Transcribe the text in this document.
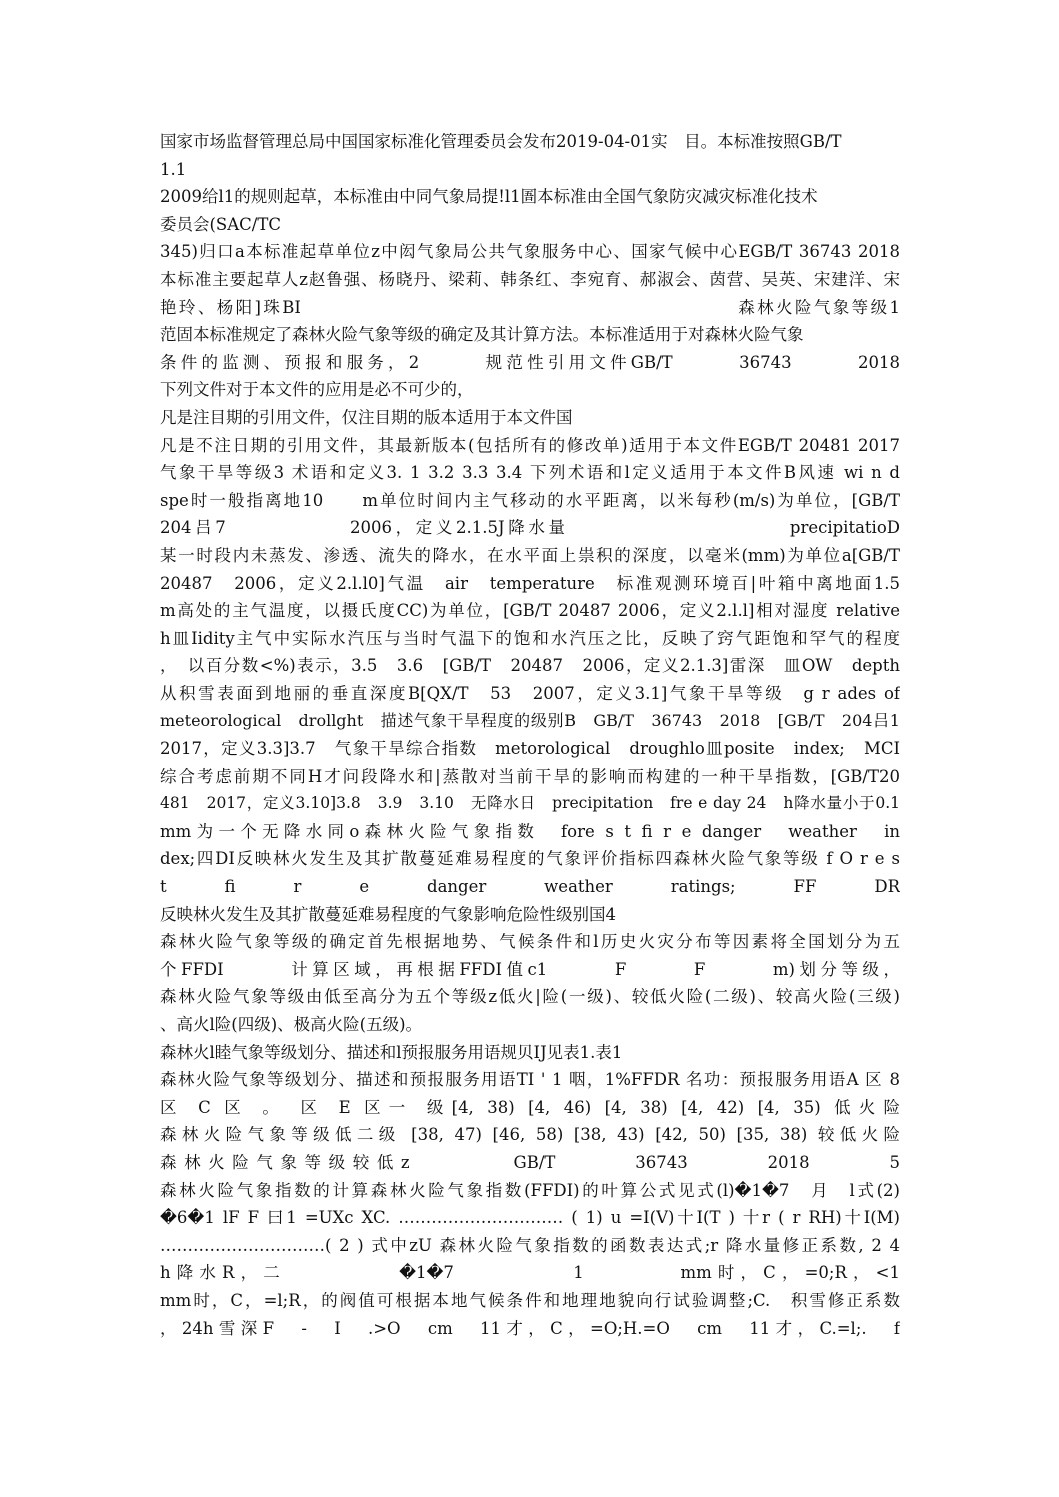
国家市场监督管理总局中国国家标准化管理委员会发布2019-04-01实　目。本标准按照GB/T
1.1
2009给l1的规则起草，本标准由中同气象局提!l1圄本标准由全国气象防灾减灾标准化技术
委员会(SAC/TC
345)归口a本标准起草单位z中闳气象局公共气象服务中心、国家气候中心EGB/T 36743 2018
本标准主要起草人z赵鲁强、杨晓丹、梁莉、韩条红、李宛育、郝淑会、茵营、吴英、宋建洋、宋
艳玲、杨阳]珠BI　　　　　　　　　　　　　　　　　　　　　　　森林火险气象等级1
范固本标准规定了森林火险气象等级的确定及其计算方法。本标准适用于对森林火险气象
条件的监测、预报和服务，2　　　规范性引用文件GB/T　　　36743　　　2018
下列文件对于本文件的应用是必不可少的，
凡是注目期的引用文件，仅注目期的版本适用于本文件国
凡是不注日期的引用文件，其最新版本(包括所有的修改单)适用于本文件EGB/T 20481 2017
气象干旱等级3 术语和定义3. 1 3.2 3.3 3.4 下列术语和l定义适用于本文件B风速 wi n d
spe时一般指离地10　　m单位时间内主气移动的水平距离，以米每秒(m/s)为单位，[GB/T
204吕7　　　　　　2006，定义2.1.5J降水量　　　　　　　　　　　precipitatioD
某一时段内未蒸发、渗透、流失的降水，在水平面上祟积的深度，以毫米(mm)为单位a[GB/T
20487　2006，定义2.l.l0]气温　air　temperature　标准观测环境百|叶箱中离地面1.5
m高处的主气温度，以摄氏度CC)为单位，[GB/T 20487 2006，定义2.l.l]相对湿度 relative
h皿Iidity主气中实际水汽压与当时气温下的饱和水汽压之比，反映了窍气距饱和罕气的程度
，　以百分数<%)表示，3.5　3.6　[GB/T　20487　2006，定义2.1.3]雷深　皿OW　depth
从积雪表面到地丽的垂直深度B[QX/T　53　2007，定义3.1]气象干旱等级　g r ades of
meteorological　drollght　描述气象干旱程度的级别B　GB/T　36743　2018　[GB/T　204吕1
2017，定义3.3]3.7　气象干旱综合指数　metorological　droughlo皿posite　index;　MCI
综合考虑前期不同H才问段降水和|蒸散对当前干旱的影响而构建的一种干旱指数，[GB/T20
481　2017，定义3.10]3.8　3.9　3.10　无降水日　precipitation　fre e day 24　h降水量小于0.1
mm为一个无降水同o森林火险气象指数　fore s t fi r e danger　weather　in
dex;四DI反映林火发生及其扩散蔓延难易程度的气象评价指标四森林火险气象等级 f O r e s
t　　　fi　　　r　　　e　　　danger　　　weather　　　ratings;　　　FF　　　DR
反映林火发生及其扩散蔓延难易程度的气象影响危险性级别国4
森林火险气象等级的确定首先根据地势、气候条件和l历史火灾分布等因素将全国划分为五
个FFDI　　　计算区域，再根据FFDI值c1　　　F　　　F　　　m)划分等级，
森林火险气象等级由低至高分为五个等级z低火|险(一级)、较低火险(二级)、较高火险(三级)
、高火l险(四级)、极高火险(五级)。
森林火l睦气象等级划分、描述和l预报服务用语规贝IJ见表1.表1
森林火险气象等级划分、描述和预报服务用语TI ' 1 咽，1%FFDR 名功：预报服务用语A 区 8
区 C 区 。 区 E 区一 级[4, 38) [4, 46) [4, 38) [4, 42) [4, 35) 低火险
森林火险气象等级低二级 [38, 47) [46, 58) [38, 43) [42, 50) [35, 38) 较低火险
森林火险气象等级较低z　　　　GB/T　　　36743　　　2018　　　5
森林火险气象指数的计算森林火险气象指数(FFDI)的叶算公式见式(l)�1�7　月　l式(2)
�6�1 lF F 曰1 =UXc XC. ………………………… ( 1) u =I(V)十I(T ) 十r ( r RH)十I(M)
…………………………( 2 ) 式中zU 森林火险气象指数的函数表达式;r 降水量修正系数, 2 4
h降水R，二　　　　　�1�7　　　　　1　　　　mm时，C，=0;R，<1
mm时，C，=l;R，的阀值可根据本地气候条件和地理地貌向行试验调整;C.　积雪修正系数
，24h雪深F　-　I　.>O　cm　11才，C，=O;H.=O　cm　11才，C.=l;.　f
